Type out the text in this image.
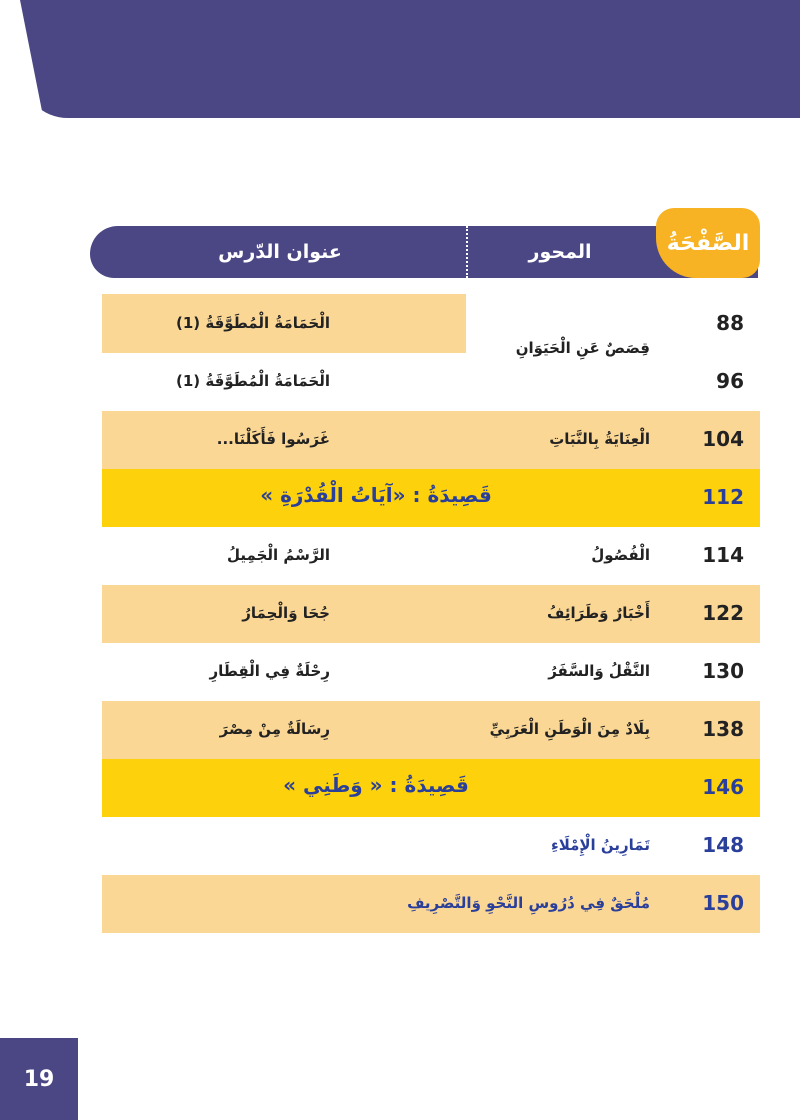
عنوان الدّرس	المحور	الصَّفْحَةُ
88
الْحَمَامَةُ الْمُطَوَّقَةُ (1)
قِصَصٌ عَنِ الْحَيَوَانِ
96
الْحَمَامَةُ الْمُطَوَّقَةُ (1)
104
الْعِنَايَةُ بِالنَّبَاتِ
غَرَسُوا فَأَكَلْنَا...
112
قَصِيدَةُ : «آيَاتُ الْقُدْرَةِ »
114
الْفُصُولُ
الرَّسْمُ الْجَمِيلُ
122
أَخْبَارٌ وَطَرَائِفُ
جُحَا وَالْحِمَارُ
130
النَّقْلُ وَالسَّفَرُ
رِحْلَةٌ فِي الْقِطَارِ
138
بِلَادٌ مِنَ الْوَطَنِ الْعَرَبِيِّ
رِسَالَةٌ مِنْ مِصْرَ
146
قَصِيدَةُ : « وَطَنِي »
148
تَمَارِينُ الْإِمْلَاءِ
150
مُلْحَقٌ فِي دُرُوسِ النَّحْوِ وَالتَّصْرِيفِ
19
